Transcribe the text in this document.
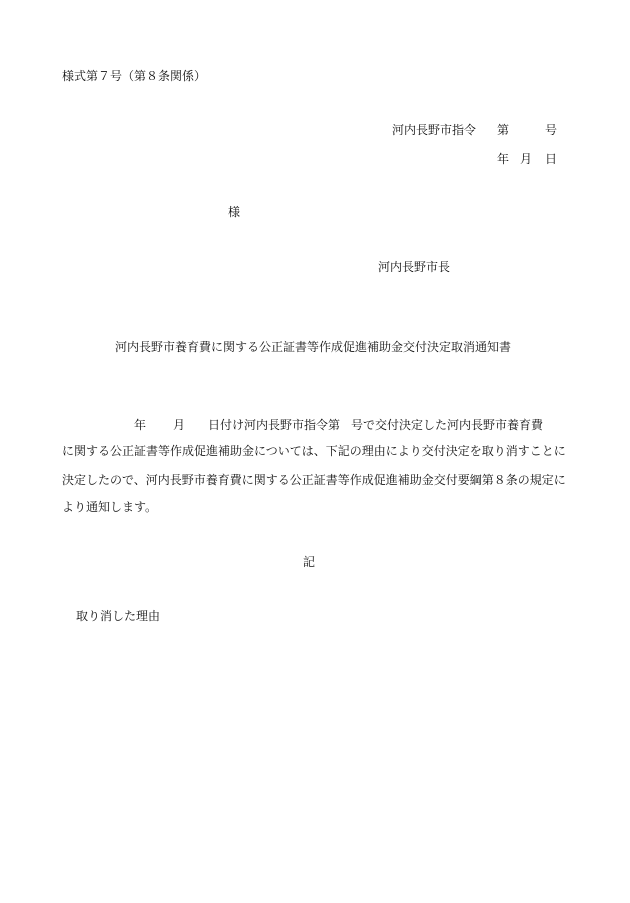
様式第７号（第８条関係）
河内長野市指令 第	号
年 月 日
様
河内長野市長
河内長野市養育費に関する公正証書等作成促進補助金交付決定取消通知書
年 月 日付け河内長野市指令第 号で交付決定した河内長野市養育費
に関する公正証書等作成促進補助金については、下記の理由により交付決定を取り消すことに
決定したので、河内長野市養育費に関する公正証書等作成促進補助金交付要綱第８条の規定に
より通知します。
記
取り消した理由
